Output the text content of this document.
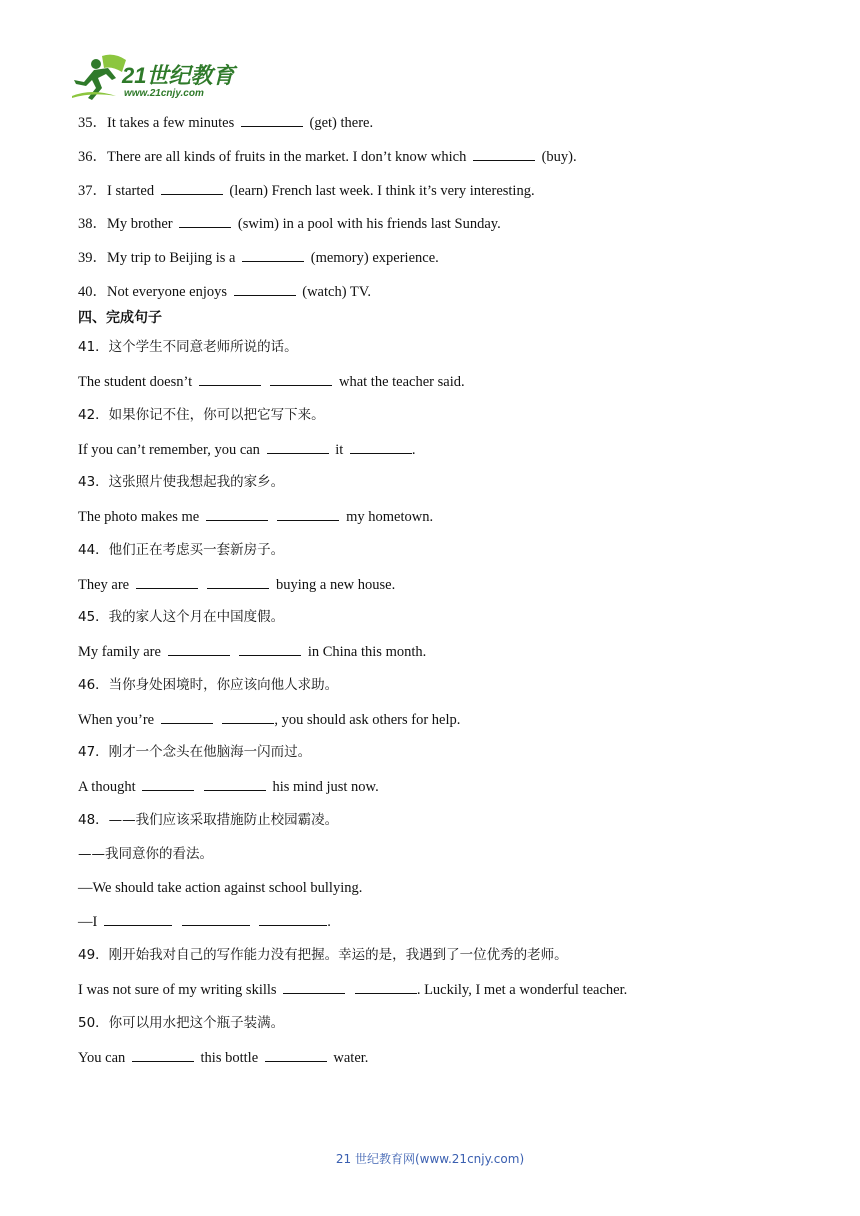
21世纪教育
www.21cnjy.com
35．It takes a few minutes	(get) there.
36．There are all kinds of fruits in the market. I don’t know which	(buy).
37．I started	(learn) French last week. I think it’s very interesting.
38．My brother	(swim) in a pool with his friends last Sunday.
39．My trip to Beijing is a	(memory) experience.
40．Not everyone enjoys	(watch) TV.
四、完成句子
41．这个学生不同意老师所说的话。
The student doesn’t	what the teacher said.
42．如果你记不住，你可以把它写下来。
If you can’t remember, you can	it	.
43．这张照片使我想起我的家乡。
The photo makes me	my hometown.
44．他们正在考虑买一套新房子。
They are	buying a new house.
45．我的家人这个月在中国度假。
My family are	in China this month.
46．当你身处困境时，你应该向他人求助。
When you’re	, you should ask others for help.
47．刚才一个念头在他脑海一闪而过。
A thought	his mind just now.
48．——我们应该采取措施防止校园霸凌。
——我同意你的看法。
—We should take action against school bullying.
—I	.
49．刚开始我对自己的写作能力没有把握。幸运的是，我遇到了一位优秀的老师。
I was not sure of my writing skills	. Luckily, I met a wonderful teacher.
50．你可以用水把这个瓶子装满。
You can	this bottle	water.
21 世纪教育网(www.21cnjy.com)
